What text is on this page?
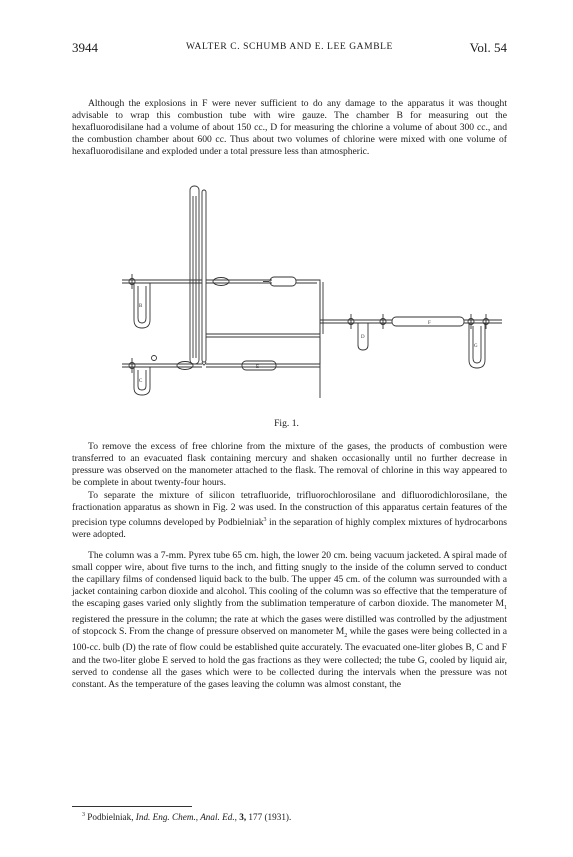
3944	WALTER C. SCHUMB AND E. LEE GAMBLE	Vol. 54

Although the explosions in F were never sufficient to do any damage to the apparatus it was thought advisable to wrap this combustion tube with wire gauze. The chamber B for measuring out the hexafluorodisilane had a volume of about 150 cc., D for measuring the chlorine a volume of about 300 cc., and the combustion chamber about 600 cc. Thus about two volumes of chlorine were mixed with one volume of hexafluorodisilane and exploded under a total pressure less than atmospheric.

B
D
F
G
E
C
Fig. 1.

To remove the excess of free chlorine from the mixture of the gases, the products of combustion were transferred to an evacuated flask containing mercury and shaken occasionally until no further decrease in pressure was observed on the manometer attached to the flask. The removal of chlorine in this way appeared to be complete in about twenty-four hours.

To separate the mixture of silicon tetrafluoride, trifluorochlorosilane and difluorodichlorosilane, the fractionation apparatus as shown in Fig. 2 was used. In the construction of this apparatus certain features of the precision type columns developed by Podbielniak$^3$ in the separation of highly complex mixtures of hydrocarbons were adopted.

The column was a 7-mm. Pyrex tube 65 cm. high, the lower 20 cm. being vacuum jacketed. A spiral made of small copper wire, about five turns to the inch, and fitting snugly to the inside of the column served to conduct the capillary films of condensed liquid back to the bulb. The upper 45 cm. of the column was surrounded with a jacket containing carbon dioxide and alcohol. This cooling of the column was so effective that the temperature of the escaping gases varied only slightly from the sublimation temperature of carbon dioxide. The manometer $M_1$ registered the pressure in the column; the rate at which the gases were distilled was controlled by the adjustment of stopcock S. From the change of pressure observed on manometer $M_2$ while the gases were being collected in a 100-cc. bulb (D) the rate of flow could be established quite accurately. The evacuated one-liter globes B, C and F and the two-liter globe E served to hold the gas fractions as they were collected; the tube G, cooled by liquid air, served to condense all the gases which were to be collected during the intervals when the pressure was not constant. As the temperature of the gases leaving the column was almost constant, the

$^3$ Podbielniak, Ind. Eng. Chem., Anal. Ed., 3, 177 (1931).
